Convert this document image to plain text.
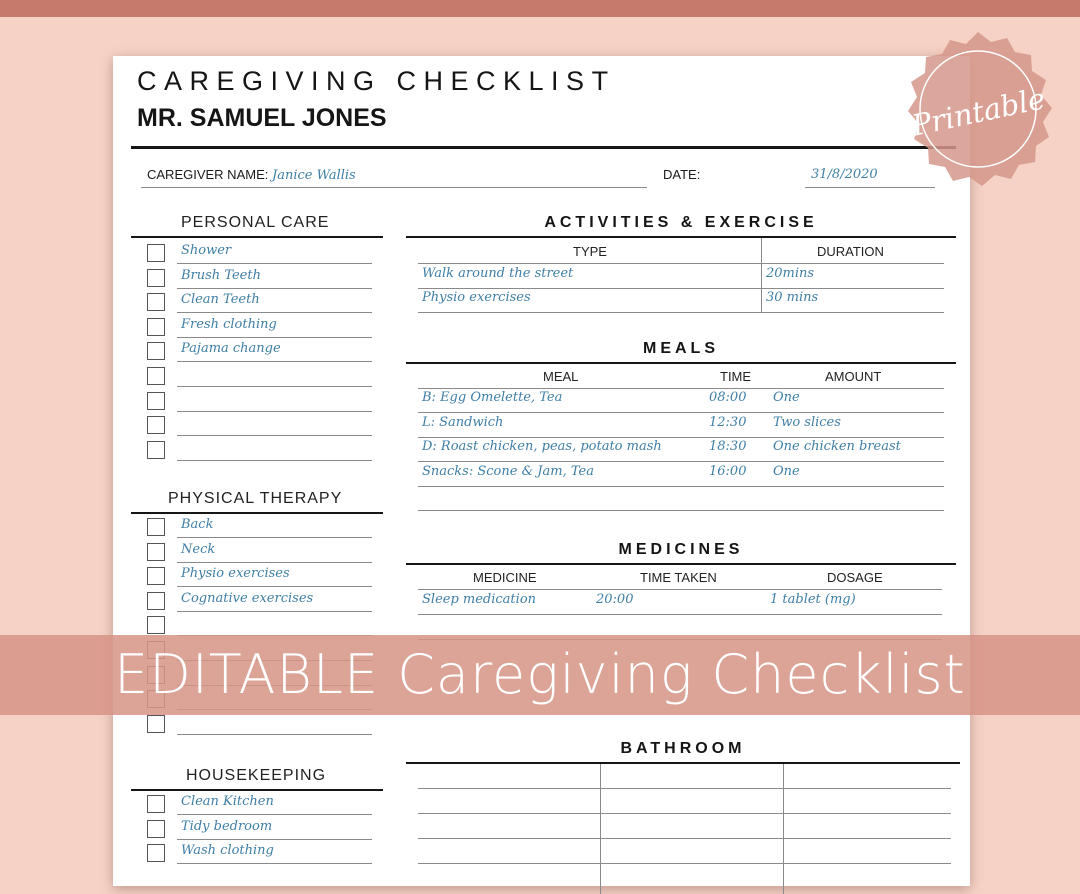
CAREGIVING CHECKLIST
MR. SAMUEL JONES
CAREGIVER NAME: Janice Wallis	DATE:	31/8/2020
PERSONAL CARE
Shower
Brush Teeth
Clean Teeth
Fresh clothing
Pajama change
PHYSICAL THERAPY
Back
Neck
Physio exercises
Cognative exercises
HOUSEKEEPING
Clean Kitchen
Tidy bedroom
Wash clothing
ACTIVITIES & EXERCISE
TYPE	DURATION
Walk around the street	20mins
Physio exercises	30 mins
MEALS
MEAL	TIME	AMOUNT
B: Egg Omelette, Tea	08:00 One
L: Sandwich	12:30 Two slices
D: Roast chicken, peas, potato mash	18:30 One chicken breast
Snacks: Scone & Jam, Tea	16:00 One
MEDICINES
MEDICINE	TIME TAKEN	DOSAGE
Sleep medication	20:00	1 tablet (mg)
BATHROOM
Printable
EDITABLE Caregiving Checklist
